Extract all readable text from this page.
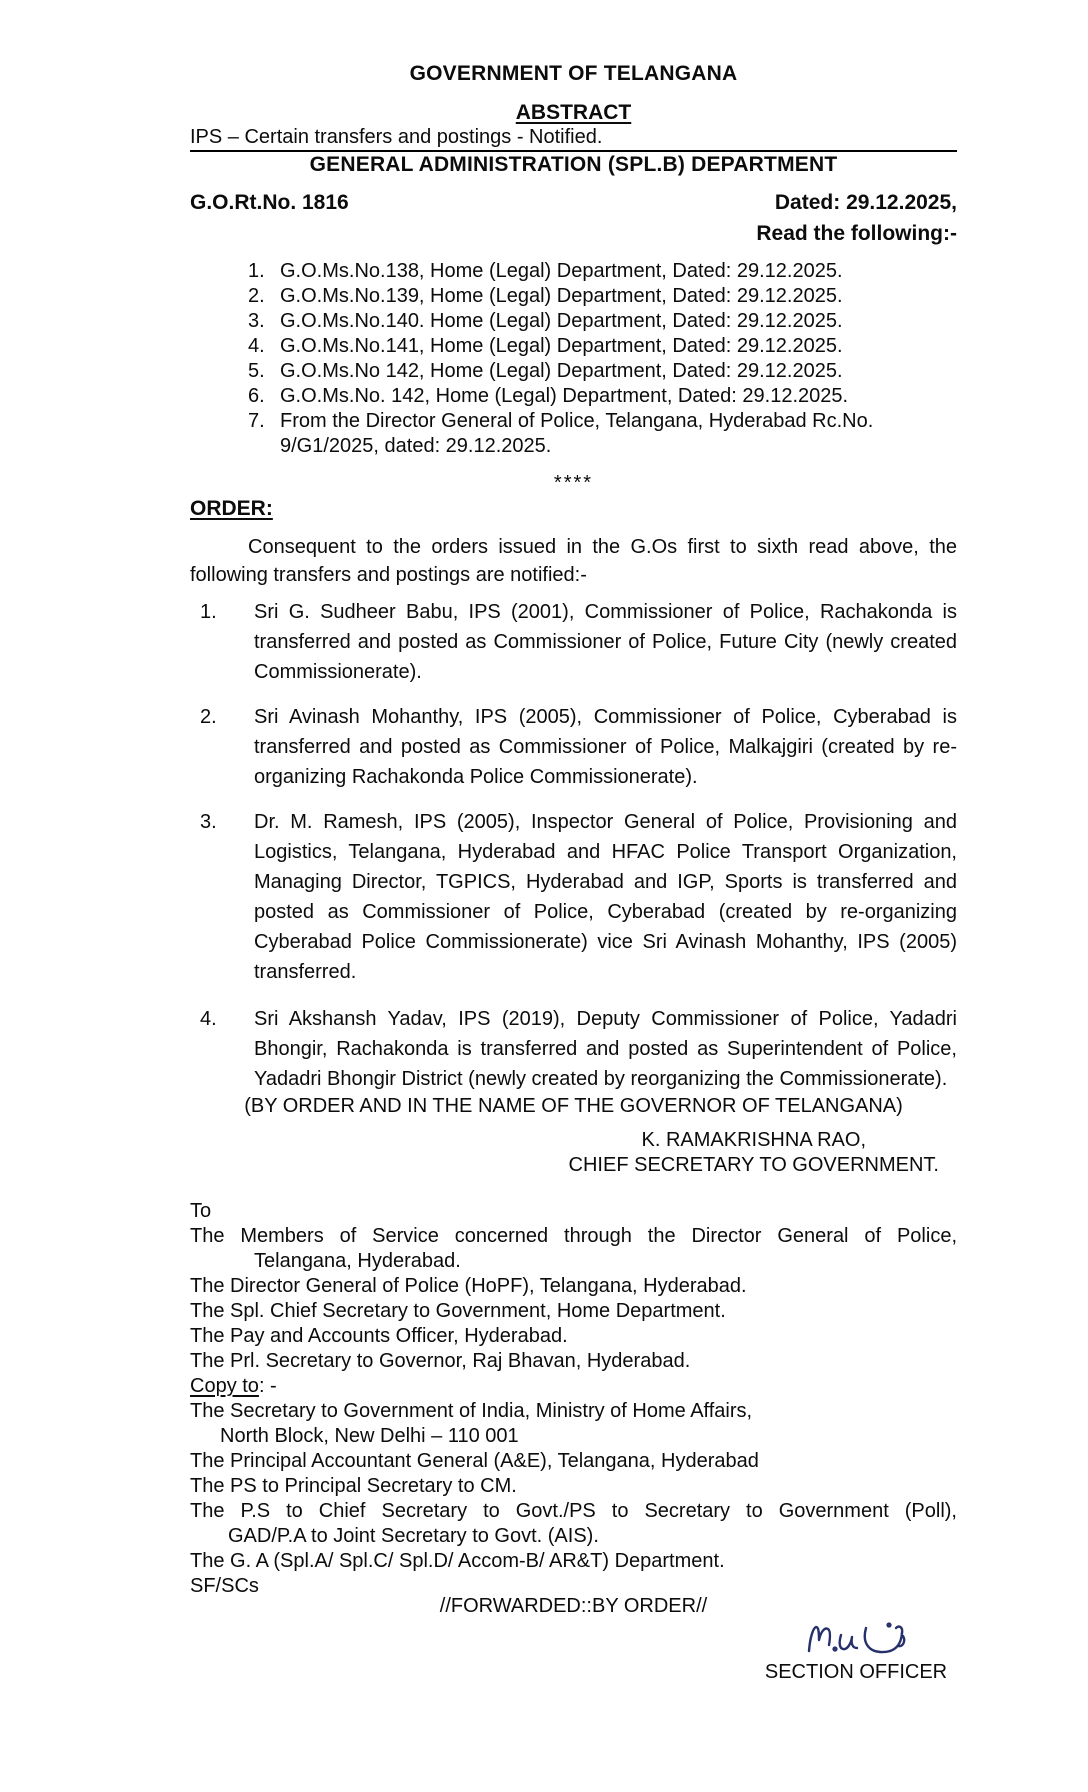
GOVERNMENT OF TELANGANA
ABSTRACT
IPS – Certain transfers and postings - Notified.
GENERAL ADMINISTRATION (SPL.B) DEPARTMENT
G.O.Rt.No. 1816	Dated: 29.12.2025,
Read the following:-
1. G.O.Ms.No.138, Home (Legal) Department, Dated: 29.12.2025.
2. G.O.Ms.No.139, Home (Legal) Department, Dated: 29.12.2025.
3. G.O.Ms.No.140. Home (Legal) Department, Dated: 29.12.2025.
4. G.O.Ms.No.141, Home (Legal) Department, Dated: 29.12.2025.
5. G.O.Ms.No 142, Home (Legal) Department, Dated: 29.12.2025.
6. G.O.Ms.No. 142, Home (Legal) Department, Dated: 29.12.2025.
7. From the Director General of Police, Telangana, Hyderabad Rc.No.
9/G1/2025, dated: 29.12.2025.
****
ORDER:

Consequent to the orders issued in the G.Os first to sixth read above, the following transfers and postings are notified:-

1.	Sri G. Sudheer Babu, IPS (2001), Commissioner of Police, Rachakonda is transferred and posted as Commissioner of Police, Future City (newly created Commissionerate).
2.	Sri Avinash Mohanthy, IPS (2005), Commissioner of Police, Cyberabad is transferred and posted as Commissioner of Police, Malkajgiri (created by re-organizing Rachakonda Police Commissionerate).
3.	Dr. M. Ramesh, IPS (2005), Inspector General of Police, Provisioning and Logistics, Telangana, Hyderabad and HFAC Police Transport Organization, Managing Director, TGPICS, Hyderabad and IGP, Sports is transferred and posted as Commissioner of Police, Cyberabad (created by re-organizing Cyberabad Police Commissionerate) vice Sri Avinash Mohanthy, IPS (2005) transferred.
4.	Sri Akshansh Yadav, IPS (2019), Deputy Commissioner of Police, Yadadri Bhongir, Rachakonda is transferred and posted as Superintendent of Police, Yadadri Bhongir District (newly created by reorganizing the Commissionerate).
(BY ORDER AND IN THE NAME OF THE GOVERNOR OF TELANGANA)
K. RAMAKRISHNA RAO,
CHIEF SECRETARY TO GOVERNMENT.
To
The Members of Service concerned through the Director General of Police,
Telangana, Hyderabad.
The Director General of Police (HoPF), Telangana, Hyderabad.
The Spl. Chief Secretary to Government, Home Department.
The Pay and Accounts Officer, Hyderabad.
The Prl. Secretary to Governor, Raj Bhavan, Hyderabad.
Copy to: -
The Secretary to Government of India, Ministry of Home Affairs,
North Block, New Delhi – 110 001
The Principal Accountant General (A&E), Telangana, Hyderabad
The PS to Principal Secretary to CM.
The P.S to Chief Secretary to Govt./PS to Secretary to Government (Poll),
GAD/P.A to Joint Secretary to Govt. (AIS).
The G. A (Spl.A/ Spl.C/ Spl.D/ Accom-B/ AR&T) Department.
SF/SCs
//FORWARDED::BY ORDER//
SECTION OFFICER
